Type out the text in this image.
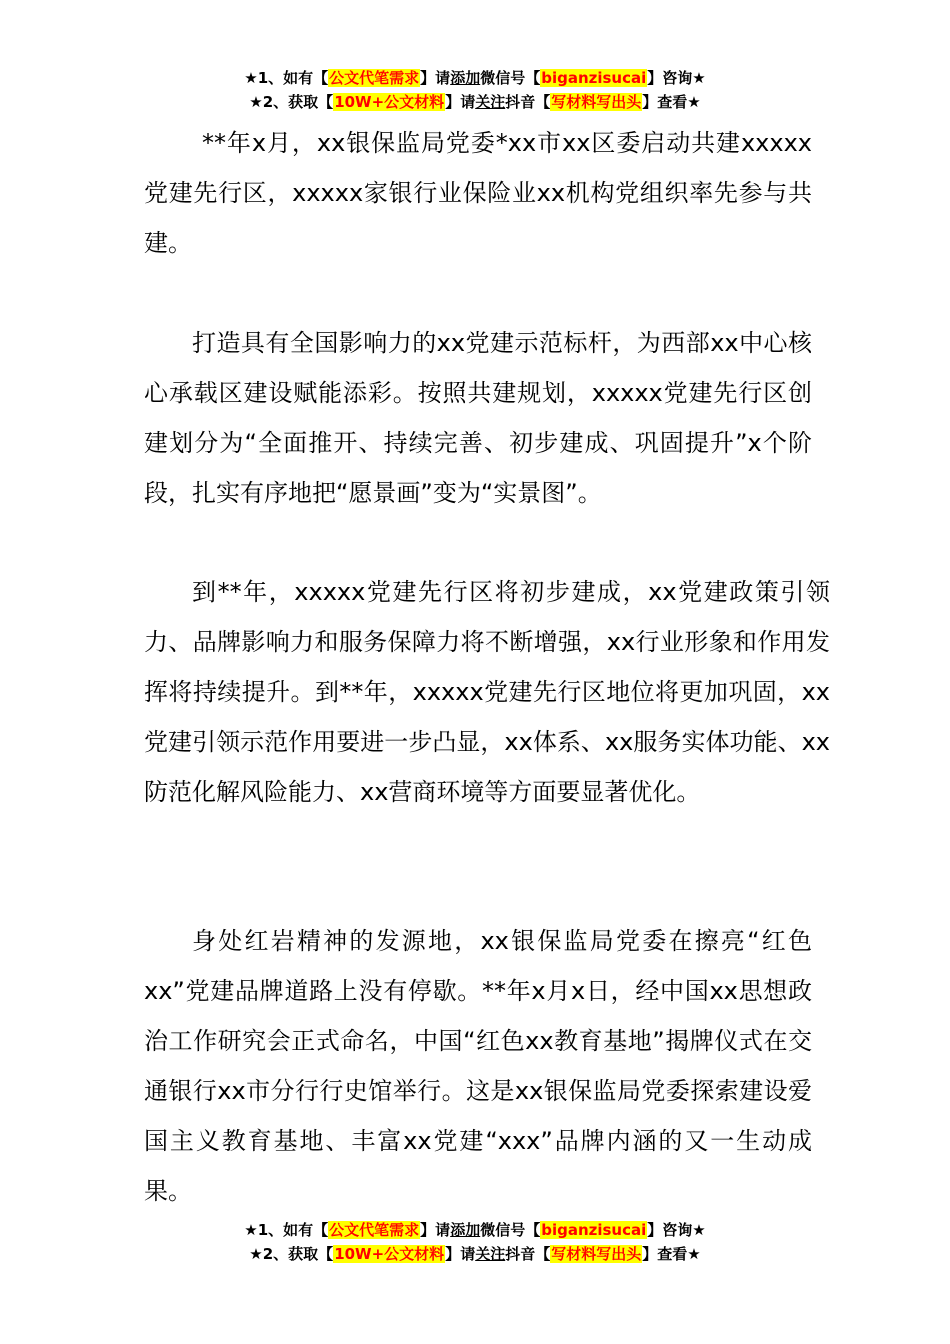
★1、如有【公文代笔需求】请添加微信号【biganzisucai】咨询★
★2、获取【10W+公文材料】请关注抖音【写材料写出头】查看★

**年x月，xx银保监局党委*xx市xx区委启动共建xxxxx党建先行区，xxxxx家银行业保险业xx机构党组织率先参与共建。

打造具有全国影响力的xx党建示范标杆，为西部xx中心核心承载区建设赋能添彩。按照共建规划，xxxxx党建先行区创建划分为“全面推开、持续完善、初步建成、巩固提升”x个阶段，扎实有序地把“愿景画”变为“实景图”。

到**年，xxxxx党建先行区将初步建成，xx党建政策引领力、品牌影响力和服务保障力将不断增强，xx行业形象和作用发挥将持续提升。到**年，xxxxx党建先行区地位将更加巩固，xx党建引领示范作用要进一步凸显，xx体系、xx服务实体功能、xx防范化解风险能力、xx营商环境等方面要显著优化。

身处红岩精神的发源地，xx银保监局党委在擦亮“红色xx”党建品牌道路上没有停歇。**年x月x日，经中国xx思想政治工作研究会正式命名，中国“红色xx教育基地”揭牌仪式在交通银行xx市分行行史馆举行。这是xx银保监局党委探索建设爱国主义教育基地、丰富xx党建“xxx”品牌内涵的又一生动成果。

★1、如有【公文代笔需求】请添加微信号【biganzisucai】咨询★
★2、获取【10W+公文材料】请关注抖音【写材料写出头】查看★
